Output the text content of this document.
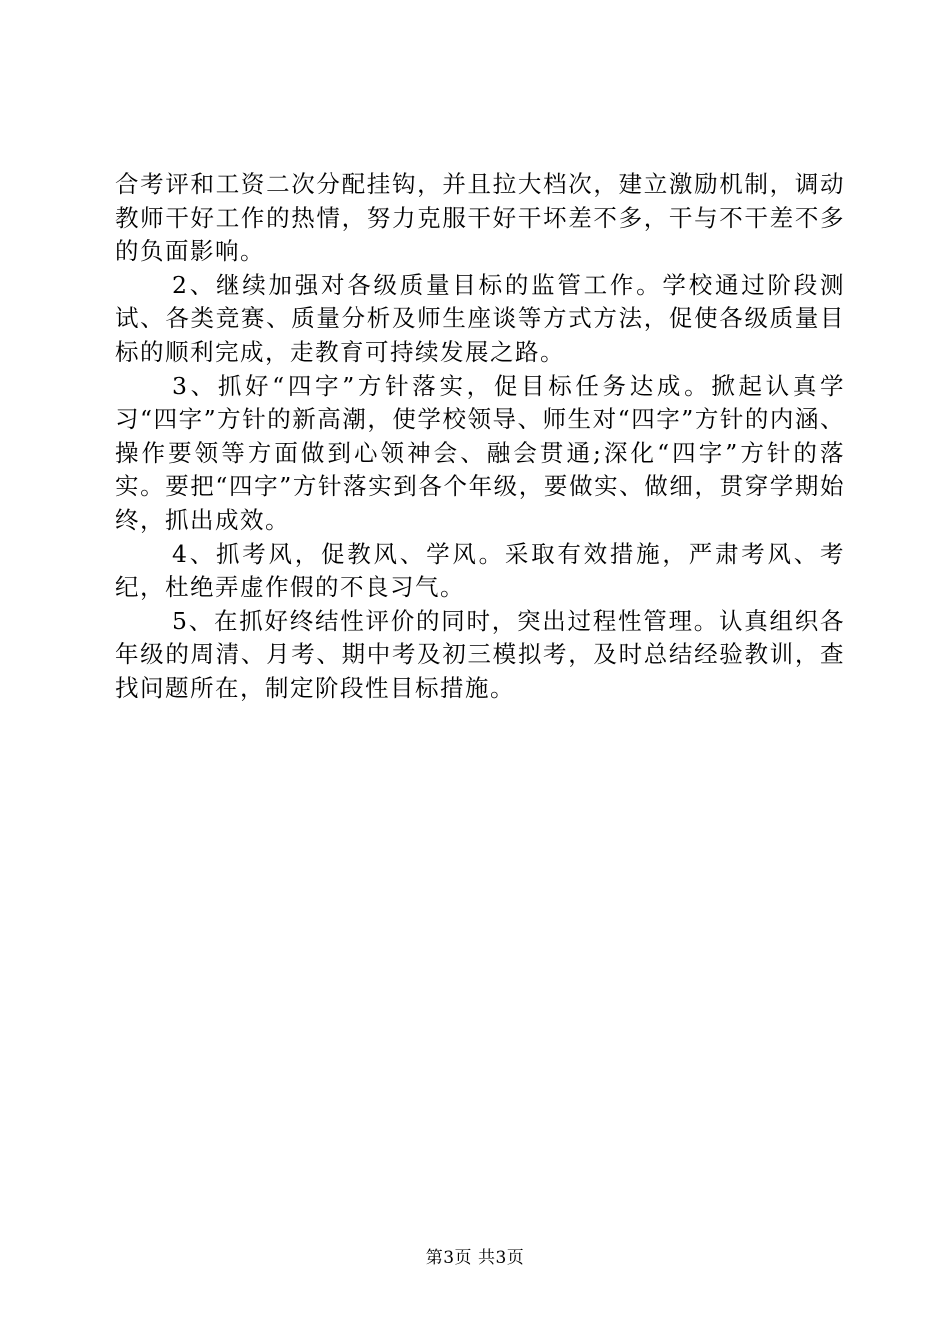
合考评和工资二次分配挂钩，并且拉大档次，建立激励机制，调动教师干好工作的热情，努力克服干好干坏差不多，干与不干差不多的负面影响。

2、继续加强对各级质量目标的监管工作。学校通过阶段测试、各类竞赛、质量分析及师生座谈等方式方法，促使各级质量目标的顺利完成，走教育可持续发展之路。

3、抓好“四字”方针落实，促目标任务达成。掀起认真学习“四字”方针的新高潮，使学校领导、师生对“四字”方针的内涵、操作要领等方面做到心领神会、融会贯通;深化“四字”方针的落实。要把“四字”方针落实到各个年级，要做实、做细，贯穿学期始终，抓出成效。

4、抓考风，促教风、学风。采取有效措施，严肃考风、考纪，杜绝弄虚作假的不良习气。

5、在抓好终结性评价的同时，突出过程性管理。认真组织各年级的周清、月考、期中考及初三模拟考，及时总结经验教训，查找问题所在，制定阶段性目标措施。

第3页 共3页
